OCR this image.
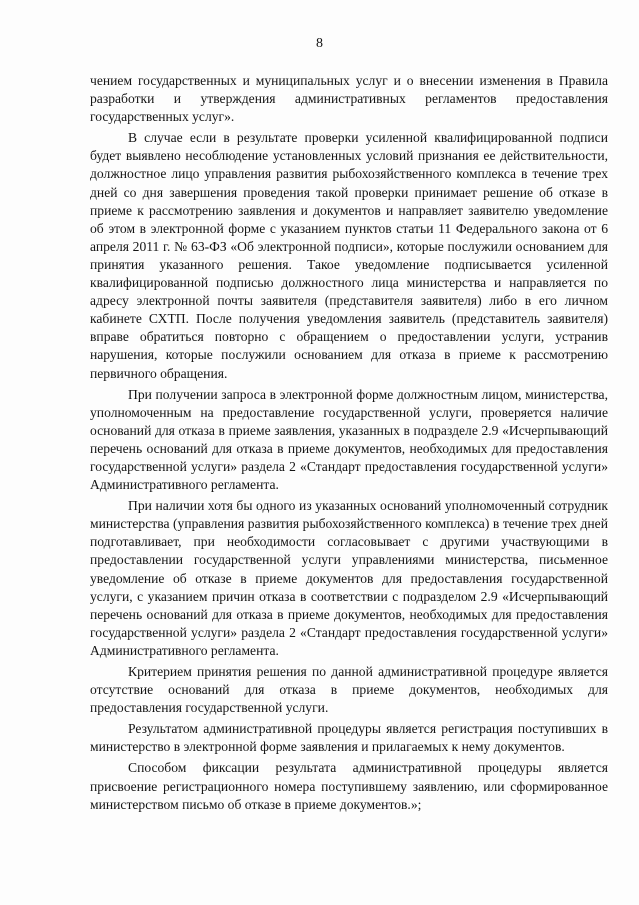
8

чением государственных и муниципальных услуг и о внесении изменения в Правила разработки и утверждения административных регламентов предоставления государственных услуг».

В случае если в результате проверки усиленной квалифицированной подписи будет выявлено несоблюдение установленных условий признания ее действительности, должностное лицо управления развития рыбохозяйственного комплекса в течение трех дней со дня завершения проведения такой проверки принимает решение об отказе в приеме к рассмотрению заявления и документов и направляет заявителю уведомление об этом в электронной форме с указанием пунктов статьи 11 Федерального закона от 6 апреля 2011 г. № 63-ФЗ «Об электронной подписи», которые послужили основанием для принятия указанного решения. Такое уведомление подписывается усиленной квалифицированной подписью должностного лица министерства и направляется по адресу электронной почты заявителя (представителя заявителя) либо в его личном кабинете СХТП. После получения уведомления заявитель (представитель заявителя) вправе обратиться повторно с обращением о предоставлении услуги, устранив нарушения, которые послужили основанием для отказа в приеме к рассмотрению первичного обращения.

При получении запроса в электронной форме должностным лицом, министерства, уполномоченным на предоставление государственной услуги, проверяется наличие оснований для отказа в приеме заявления, указанных в подразделе 2.9 «Исчерпывающий перечень оснований для отказа в приеме документов, необходимых для предоставления государственной услуги» раздела 2 «Стандарт предоставления государственной услуги» Административного регламента.

При наличии хотя бы одного из указанных оснований уполномоченный сотрудник министерства (управления развития рыбохозяйственного комплекса) в течение трех дней подготавливает, при необходимости согласовывает с другими участвующими в предоставлении государственной услуги управлениями министерства, письменное уведомление об отказе в приеме документов для предоставления государственной услуги, с указанием причин отказа в соответствии с подразделом 2.9 «Исчерпывающий перечень оснований для отказа в приеме документов, необходимых для предоставления государственной услуги» раздела 2 «Стандарт предоставления государственной услуги» Административного регламента.

Критерием принятия решения по данной административной процедуре является отсутствие оснований для отказа в приеме документов, необходимых для предоставления государственной услуги.

Результатом административной процедуры является регистрация поступивших в министерство в электронной форме заявления и прилагаемых к нему документов.

Способом фиксации результата административной процедуры является присвоение регистрационного номера поступившему заявлению, или сформированное министерством письмо об отказе в приеме документов.»;
